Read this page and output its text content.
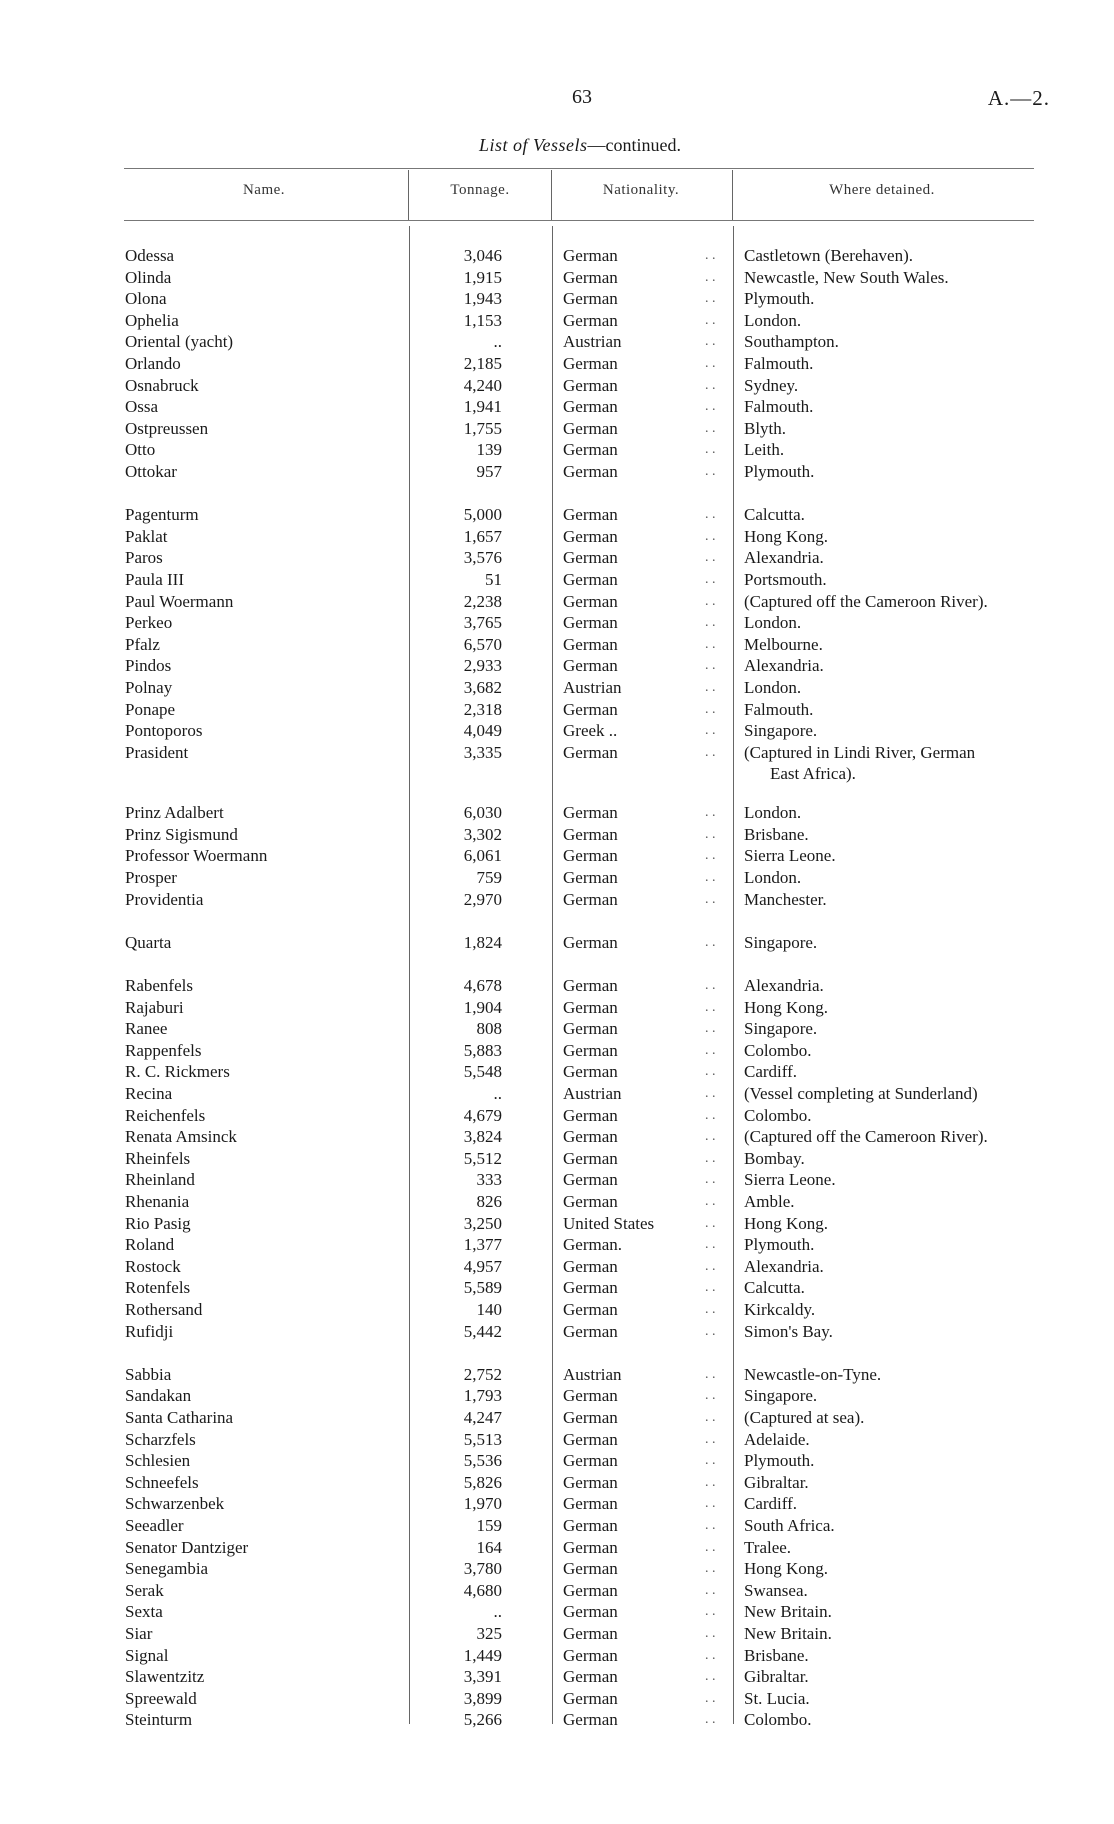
63	A.—2.
List of Vessels—continued.
Name.	Tonnage.	Nationality.	Where detained.
Odessa	3,046	German	Castletown (Berehaven).
. .
Olinda	1,915	German	Newcastle, New South Wales.
. .
Olona	1,943	German	Plymouth.
. .
Ophelia	1,153	German	London.
. .
Oriental (yacht)	..	Austrian	Southampton.
. .
Orlando	2,185	German	Falmouth.
. .
Osnabruck	4,240	German	Sydney.
. .
Ossa	1,941	German	Falmouth.
. .
Ostpreussen	1,755	German	Blyth.
. .
Otto	139	German	Leith.
. .
Ottokar	957	German	Plymouth.
. .
Pagenturm	5,000	German	Calcutta.
. .
Paklat	1,657	German	Hong Kong.
. .
Paros	3,576	German	Alexandria.
. .
Paula III	51	German	Portsmouth.
. .
Paul Woermann	2,238	German	(Captured off the Cameroon River).
. .
Perkeo	3,765	German	London.
. .
Pfalz	6,570	German	Melbourne.
. .
Pindos	2,933	German	Alexandria.
. .
Polnay	3,682	Austrian	London.
. .
Ponape	2,318	German	Falmouth.
. .
Pontoporos	4,049	Greek ..	Singapore.
. .
Prasident	3,335	German	(Captured in Lindi River, German
. .
East Africa).
Prinz Adalbert	6,030	German	London.
. .
Prinz Sigismund	3,302	German	Brisbane.
. .
Professor Woermann	6,061	German	Sierra Leone.
. .
Prosper	759	German	London.
. .
Providentia	2,970	German	Manchester.
. .
Quarta	1,824	German	Singapore.
. .
Rabenfels	4,678	German	Alexandria.
. .
Rajaburi	1,904	German	Hong Kong.
. .
Ranee	808	German	Singapore.
. .
Rappenfels	5,883	German	Colombo.
. .
R. C. Rickmers	5,548	German	Cardiff.
. .
Recina	..	Austrian	(Vessel completing at Sunderland)
. .
Reichenfels	4,679	German	Colombo.
. .
Renata Amsinck	3,824	German	(Captured off the Cameroon River).
. .
Rheinfels	5,512	German	Bombay.
. .
Rheinland	333	German	Sierra Leone.
. .
Rhenania	826	German	Amble.
. .
Rio Pasig	3,250	United States	Hong Kong.
. .
Roland	1,377	German.	Plymouth.
. .
Rostock	4,957	German	Alexandria.
. .
Rotenfels	5,589	German	Calcutta.
. .
Rothersand	140	German	Kirkcaldy.
. .
Rufidji	5,442	German	Simon's Bay.
. .
Sabbia	2,752	Austrian	Newcastle-on-Tyne.
. .
Sandakan	1,793	German	Singapore.
. .
Santa Catharina	4,247	German	(Captured at sea).
. .
Scharzfels	5,513	German	Adelaide.
. .
Schlesien	5,536	German	Plymouth.
. .
Schneefels	5,826	German	Gibraltar.
. .
Schwarzenbek	1,970	German	Cardiff.
. .
Seeadler	159	German	South Africa.
. .
Senator Dantziger	164	German	Tralee.
. .
Senegambia	3,780	German	Hong Kong.
. .
Serak	4,680	German	Swansea.
. .
Sexta	..	German	New Britain.
. .
Siar	325	German	New Britain.
. .
Signal	1,449	German	Brisbane.
. .
Slawentzitz	3,391	German	Gibraltar.
. .
Spreewald	3,899	German	St. Lucia.
. .
Steinturm	5,266	German	Colombo.
. .
